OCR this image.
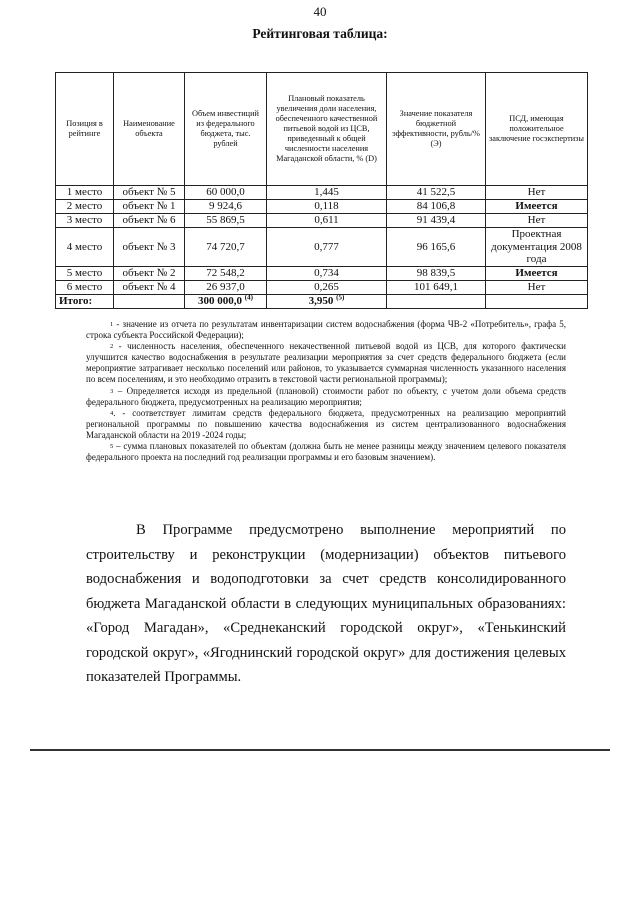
40
Рейтинговая таблица:
Позиция в рейтинге	Наименование объекта	Объем инвестиций из федерального бюджета, тыс. рублей	Плановый показатель увеличения доли населения, обеспеченного качественной питьевой водой из ЦСВ, приведенный к общей численности населения Магаданской области, % (D)	Значение показателя бюджетной эффективности, рубль/% (Э)	ПСД, имеющая положительное заключение госэкспертизы
1 место	объект № 5	60 000,0	1,445	41 522,5	Нет
2 место	объект № 1	9 924,6	0,118	84 106,8	Имеется
3 место	объект № 6	55 869,5	0,611	91 439,4	Нет
4 место	объект № 3	74 720,7	0,777	96 165,6	Проектная документация 2008 года
5 место	объект № 2	72 548,2	0,734	98 839,5	Имеется
6 место	объект № 4	26 937,0	0,265	101 649,1	Нет
Итого:		300 000,0 $^{(4)}$	3,950 $^{(5)}$		

$^1$ - значение из отчета по результатам инвентаризации систем водоснабжения (форма ЧВ-2 «Потребитель», графа 5, строка субъекта Российской Федерации);

$^2$ - численность населения, обеспеченного некачественной питьевой водой из ЦСВ, для которого фактически улучшится качество водоснабжения в результате реализации мероприятия за счет средств федерального бюджета (если мероприятие затрагивает несколько поселений или районов, то указывается суммарная численность указанного населения по всем поселениям, и это необходимо отразить в текстовой части региональной программы);

$^3$ – Определяется исходя из предельной (плановой) стоимости работ по объекту, с учетом доли объема средств федерального бюджета, предусмотренных на реализацию мероприятия;

$^4$. - соответствует лимитам средств федерального бюджета, предусмотренных на реализацию мероприятий региональной программы по повышению качества водоснабжения из систем централизованного водоснабжения Магаданской области на 2019 -2024 годы;

$^5$ – сумма плановых показателей по объектам (должна быть не менее разницы между значением целевого показателя федерального проекта на последний год реализации программы и его базовым значением).

В Программе предусмотрено выполнение мероприятий по строительству и реконструкции (модернизации) объектов питьевого водоснабжения и водоподготовки за счет средств консолидированного бюджета Магаданской области в следующих муниципальных образованиях: «Город Магадан», «Среднеканский городской округ», «Тенькинский городской округ», «Ягоднинский городской округ» для достижения целевых показателей Программы.
